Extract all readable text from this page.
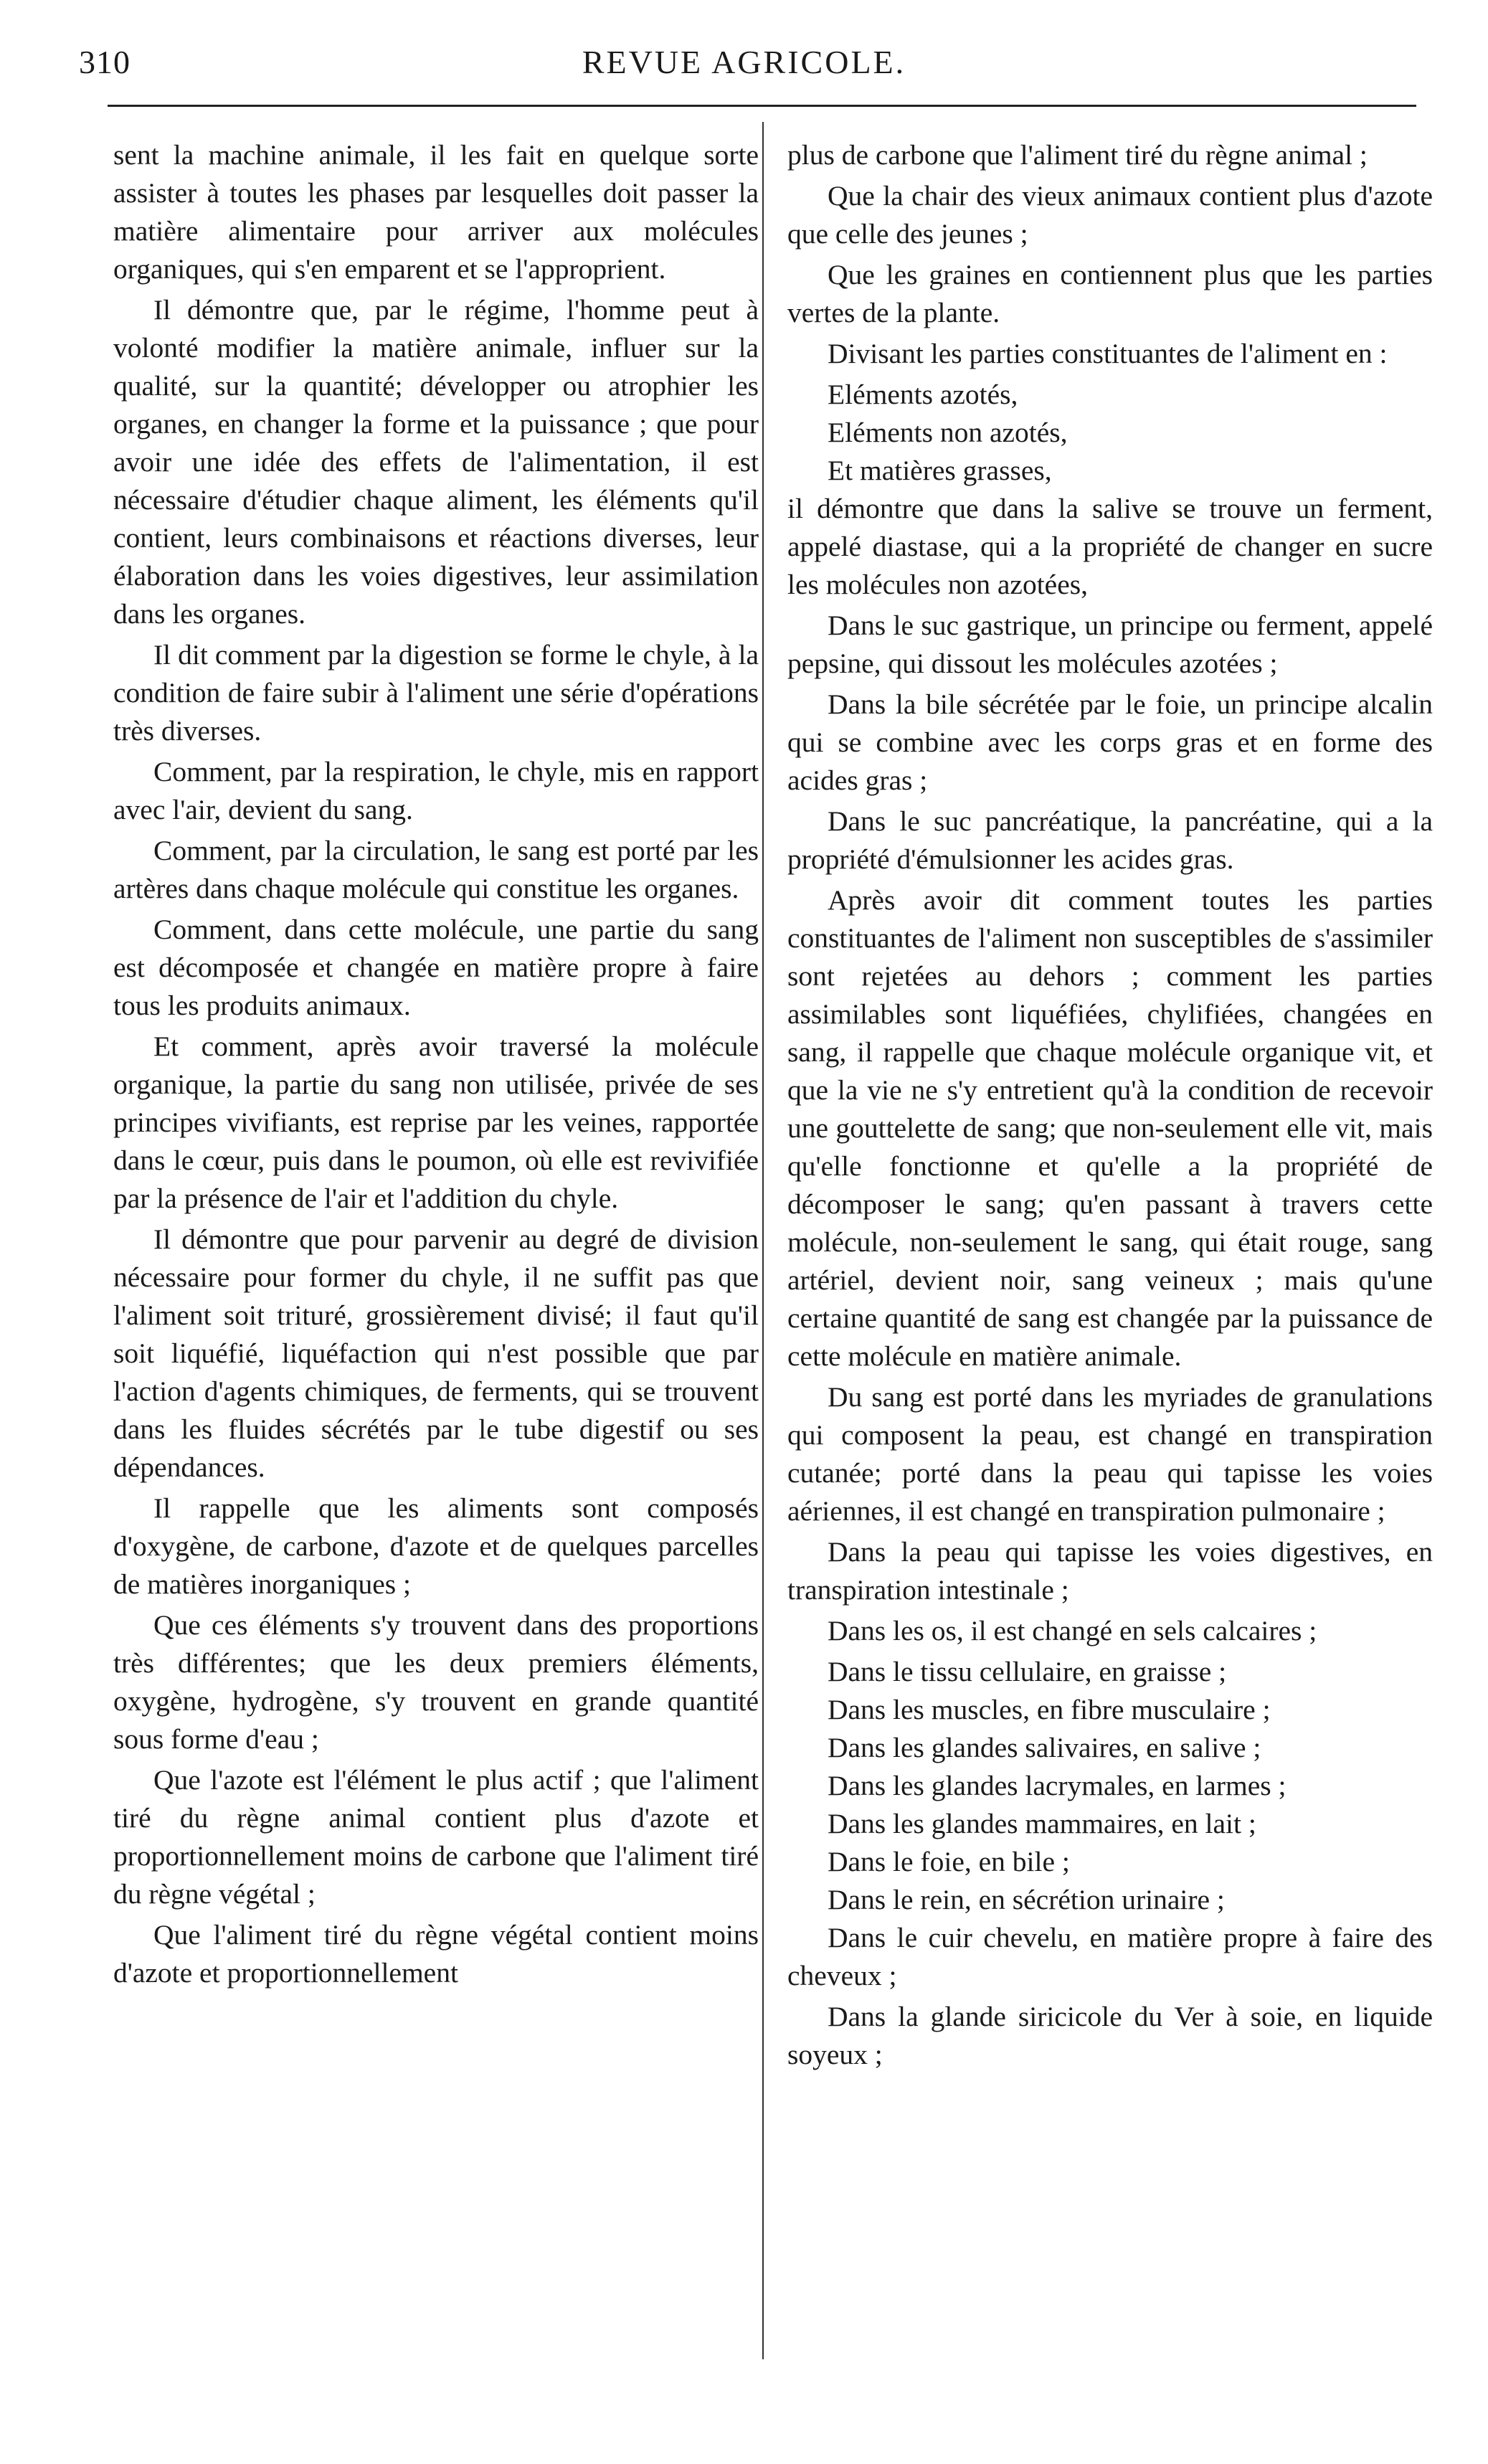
310	REVUE AGRICOLE.

sent la machine animale, il les fait en quelque sorte assister à toutes les phases par lesquelles doit passer la matière alimentaire pour arriver aux molécules organiques, qui s'en emparent et se l'approprient.

Il démontre que, par le régime, l'homme peut à volonté modifier la matière animale, influer sur la qualité, sur la quantité; développer ou atrophier les organes, en changer la forme et la puissance ; que pour avoir une idée des effets de l'alimentation, il est nécessaire d'étudier chaque aliment, les éléments qu'il contient, leurs combinaisons et réactions diverses, leur élaboration dans les voies digestives, leur assimilation dans les organes.

Il dit comment par la digestion se forme le chyle, à la condition de faire subir à l'aliment une série d'opérations très diverses.

Comment, par la respiration, le chyle, mis en rapport avec l'air, devient du sang.

Comment, par la circulation, le sang est porté par les artères dans chaque molécule qui constitue les organes.

Comment, dans cette molécule, une partie du sang est décomposée et changée en matière propre à faire tous les produits animaux.

Et comment, après avoir traversé la molécule organique, la partie du sang non utilisée, privée de ses principes vivifiants, est reprise par les veines, rapportée dans le cœur, puis dans le poumon, où elle est revivifiée par la présence de l'air et l'addition du chyle.

Il démontre que pour parvenir au degré de division nécessaire pour former du chyle, il ne suffit pas que l'aliment soit trituré, grossièrement divisé; il faut qu'il soit liquéfié, liquéfaction qui n'est possible que par l'action d'agents chimiques, de ferments, qui se trouvent dans les fluides sécrétés par le tube digestif ou ses dépendances.

Il rappelle que les aliments sont composés d'oxygène, de carbone, d'azote et de quelques parcelles de matières inorganiques ;

Que ces éléments s'y trouvent dans des proportions très différentes; que les deux premiers éléments, oxygène, hydrogène, s'y trouvent en grande quantité sous forme d'eau ;

Que l'azote est l'élément le plus actif ; que l'aliment tiré du règne animal contient plus d'azote et proportionnellement moins de carbone que l'aliment tiré du règne végétal ;

Que l'aliment tiré du règne végétal contient moins d'azote et proportionnellement

plus de carbone que l'aliment tiré du règne animal ;

Que la chair des vieux animaux contient plus d'azote que celle des jeunes ;

Que les graines en contiennent plus que les parties vertes de la plante.

Divisant les parties constituantes de l'aliment en :

Eléments azotés,

Eléments non azotés,

Et matières grasses,

il démontre que dans la salive se trouve un ferment, appelé diastase, qui a la propriété de changer en sucre les molécules non azotées,

Dans le suc gastrique, un principe ou ferment, appelé pepsine, qui dissout les molécules azotées ;

Dans la bile sécrétée par le foie, un principe alcalin qui se combine avec les corps gras et en forme des acides gras ;

Dans le suc pancréatique, la pancréatine, qui a la propriété d'émulsionner les acides gras.

Après avoir dit comment toutes les parties constituantes de l'aliment non susceptibles de s'assimiler sont rejetées au dehors ; comment les parties assimilables sont liquéfiées, chylifiées, changées en sang, il rappelle que chaque molécule organique vit, et que la vie ne s'y entretient qu'à la condition de recevoir une gouttelette de sang; que non-seulement elle vit, mais qu'elle fonctionne et qu'elle a la propriété de décomposer le sang; qu'en passant à travers cette molécule, non-seulement le sang, qui était rouge, sang artériel, devient noir, sang veineux ; mais qu'une certaine quantité de sang est changée par la puissance de cette molécule en matière animale.

Du sang est porté dans les myriades de granulations qui composent la peau, est changé en transpiration cutanée; porté dans la peau qui tapisse les voies aériennes, il est changé en transpiration pulmonaire ;

Dans la peau qui tapisse les voies digestives, en transpiration intestinale ;

Dans les os, il est changé en sels calcaires ;

Dans le tissu cellulaire, en graisse ;

Dans les muscles, en fibre musculaire ;

Dans les glandes salivaires, en salive ;

Dans les glandes lacrymales, en larmes ;

Dans les glandes mammaires, en lait ;

Dans le foie, en bile ;

Dans le rein, en sécrétion urinaire ;

Dans le cuir chevelu, en matière propre à faire des cheveux ;

Dans la glande siricicole du Ver à soie, en liquide soyeux ;
